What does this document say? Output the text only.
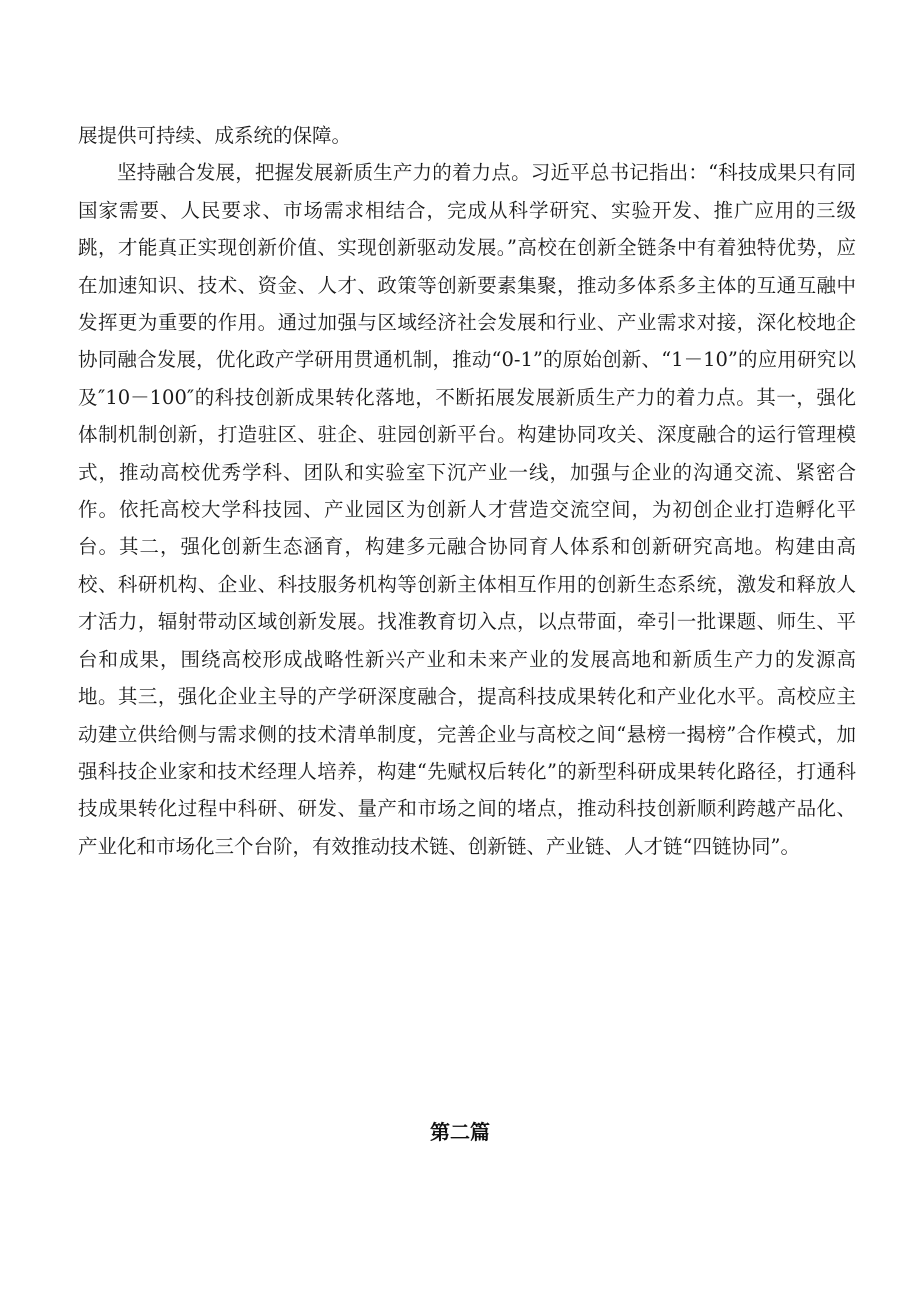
展提供可持续、成系统的保障。

坚持融合发展，把握发展新质生产力的着力点。习近平总书记指出：“科技成果只有同国家需要、人民要求、市场需求相结合，完成从科学研究、实验开发、推广应用的三级跳，才能真正实现创新价值、实现创新驱动发展。”高校在创新全链条中有着独特优势，应在加速知识、技术、资金、人才、政策等创新要素集聚，推动多体系多主体的互通互融中发挥更为重要的作用。通过加强与区域经济社会发展和行业、产业需求对接，深化校地企协同融合发展，优化政产学研用贯通机制，推动“0-1”的原始创新、“1－10”的应用研究以及″10－100″的科技创新成果转化落地，不断拓展发展新质生产力的着力点。其一，强化体制机制创新，打造驻区、驻企、驻园创新平台。构建协同攻关、深度融合的运行管理模式，推动高校优秀学科、团队和实验室下沉产业一线，加强与企业的沟通交流、紧密合作。依托高校大学科技园、产业园区为创新人才营造交流空间，为初创企业打造孵化平台。其二，强化创新生态涵育，构建多元融合协同育人体系和创新研究高地。构建由高校、科研机构、企业、科技服务机构等创新主体相互作用的创新生态系统，激发和释放人才活力，辐射带动区域创新发展。找准教育切入点，以点带面，牵引一批课题、师生、平台和成果，围绕高校形成战略性新兴产业和未来产业的发展高地和新质生产力的发源高地。其三，强化企业主导的产学研深度融合，提高科技成果转化和产业化水平。高校应主动建立供给侧与需求侧的技术清单制度，完善企业与高校之间“悬榜一揭榜”合作模式，加强科技企业家和技术经理人培养，构建“先赋权后转化”的新型科研成果转化路径，打通科技成果转化过程中科研、研发、量产和市场之间的堵点，推动科技创新顺利跨越产品化、产业化和市场化三个台阶，有效推动技术链、创新链、产业链、人才链“四链协同”。

第二篇
